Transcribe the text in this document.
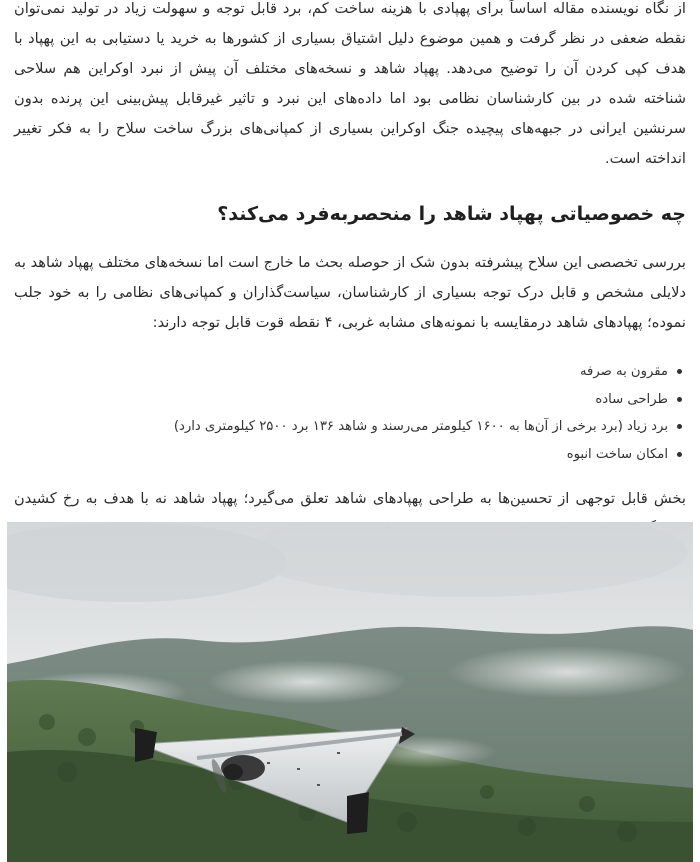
از نگاه نویسنده مقاله اساساً برای پهپادی با هزینه ساخت کم، برد قابل توجه و سهولت زیاد در تولید نمی‌توان نقطه ضعفی در نظر گرفت و همین موضوع دلیل اشتیاق بسیاری از کشورها به خرید یا دستیابی به این پهپاد با هدف کپی کردن آن را توضیح می‌دهد. پهپاد شاهد و نسخه‌های مختلف آن پیش از نبرد اوکراین هم سلاحی شناخته شده در بین کارشناسان نظامی بود اما داده‌های این نبرد و تاثیر غیرقابل پیش‌بینی این پرنده بدون سرنشین ایرانی در جبهه‌های پیچیده جنگ اوکراین بسیاری از کمپانی‌های بزرگ ساخت سلاح را به فکر تغییر انداخته است.

چه خصوصیاتی پهپاد شاهد را منحصربه‌فرد می‌کند؟

بررسی تخصصی این سلاح پیشرفته بدون شک از حوصله بحث ما خارج است اما نسخه‌های مختلف پهپاد شاهد به دلایلی مشخص و قابل درک توجه بسیاری از کارشناسان، سیاست‌گذاران و کمپانی‌های نظامی را به خود جلب نموده؛ پهپادهای شاهد درمقایسه با نمونه‌های مشابه غربی، ۴ نقطه قوت قابل توجه دارند:

مقرون به صرفه
طراحی ساده
برد زیاد (برد برخی از آن‌ها به ۱۶۰۰ کیلومتر می‌رسند و شاهد ۱۳۶ برد ۲۵۰۰ کیلومتری دارد)
امکان ساخت انبوه

بخش قابل توجهی از تحسین‌ها به طراحی پهپادهای شاهد تعلق می‌گیرد؛ پهپاد شاهد نه با هدف به رخ کشیدن
